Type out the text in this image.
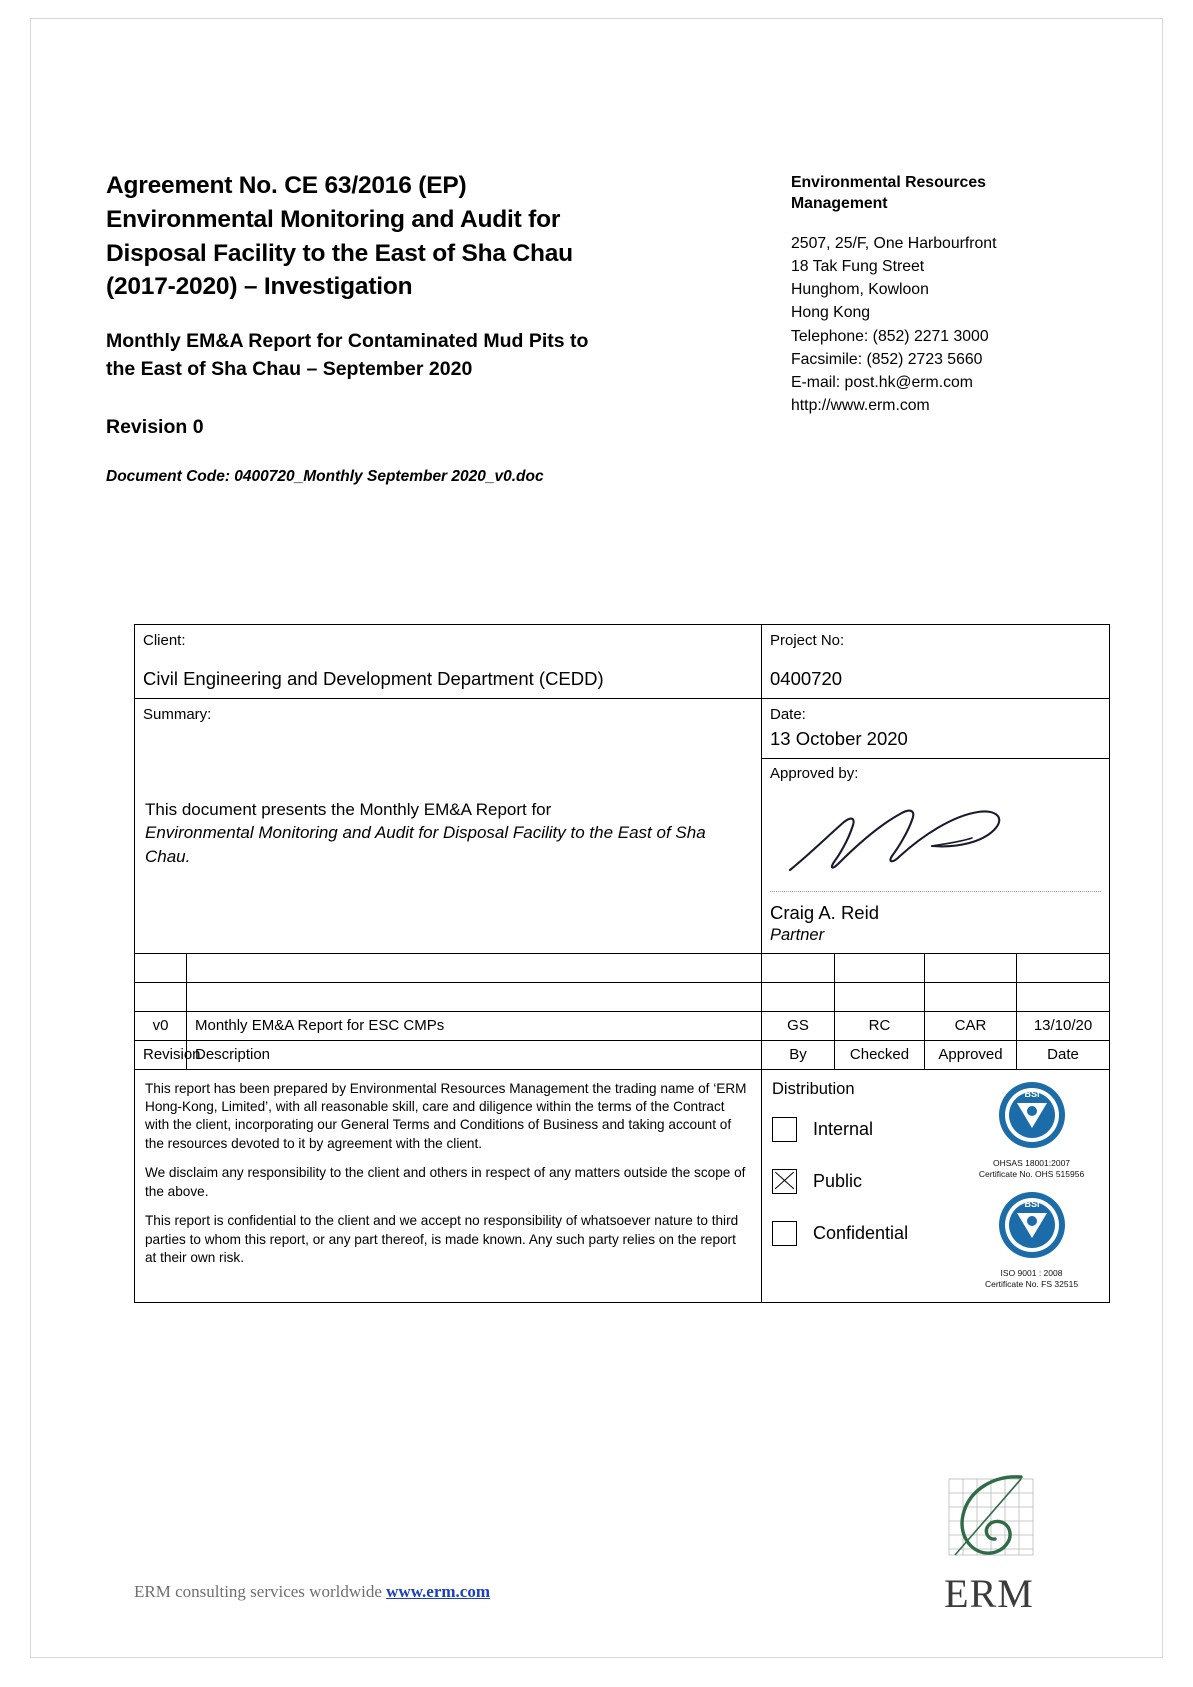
Agreement No. CE 63/2016 (EP)
Environmental Monitoring and Audit for
Disposal Facility to the East of Sha Chau
(2017-2020) – Investigation
Monthly EM&A Report for Contaminated Mud Pits to
the East of Sha Chau – September 2020
Revision 0
Document Code: 0400720_Monthly September 2020_v0.doc
Environmental Resources
Management
2507, 25/F, One Harbourfront
18 Tak Fung Street
Hunghom, Kowloon
Hong Kong
Telephone: (852) 2271 3000
Facsimile: (852) 2723 5660
E-mail: post.hk@erm.com
http://www.erm.com
Client:
Civil Engineering and Development Department (CEDD)

Project No:
0400720

Summary:
This document presents the Monthly EM&A Report for
Environmental Monitoring and Audit for Disposal Facility to the East of Sha Chau.

Date:
13 October 2020
Approved by:
Craig A. Reid
Partner

v0	Monthly EM&A Report for ESC CMPs	GS	RC	CAR	13/10/20

Revision	Description	By	Checked	Approved	Date

This report has been prepared by Environmental Resources Management the trading name of ‘ERM Hong-Kong, Limited’, with all reasonable skill, care and diligence within the terms of the Contract with the client, incorporating our General Terms and Conditions of Business and taking account of the resources devoted to it by agreement with the client.

We disclaim any responsibility to the client and others in respect of any matters outside the scope of the above.

This report is confidential to the client and we accept no responsibility of whatsoever nature to third parties to whom this report, or any part thereof, is made known. Any such party relies on the report at their own risk.

Distribution
Internal
Public
Confidential
BSI
OHSAS 18001:2007
Certificate No. OHS 515956
BSI
ISO 9001 : 2008
Certificate No. FS 32515
ERM consulting services worldwide www.erm.com	ERM
